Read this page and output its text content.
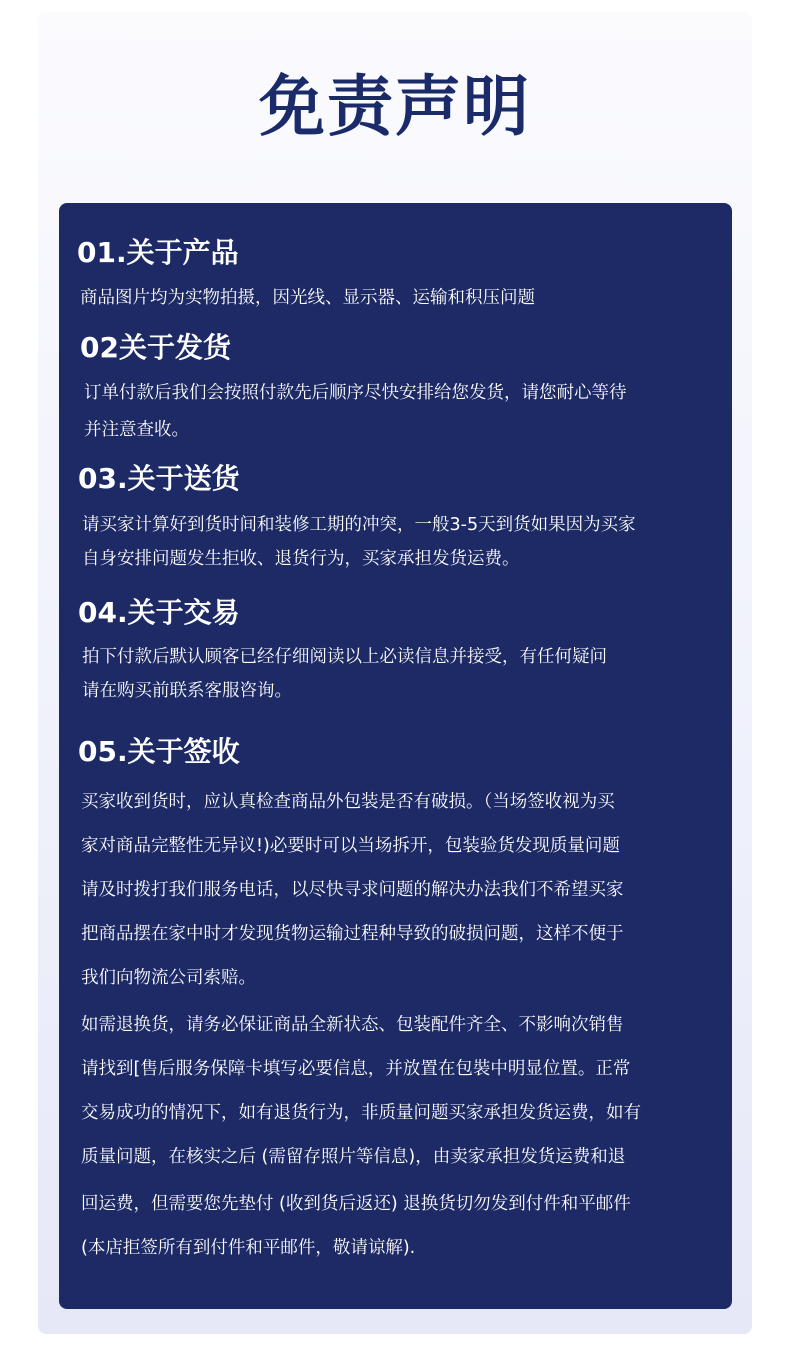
免责声明
01.关于产品
商品图片均为实物拍摄，因光线、显示器、运输和积压问题
02关于发货
订单付款后我们会按照付款先后顺序尽快安排给您发货，请您耐心等待
并注意查收。
03.关于送货
请买家计算好到货时间和装修工期的冲突，一般3-5天到货如果因为买家
自身安排问题发生拒收、退货行为，买家承担发货运费。
04.关于交易
拍下付款后默认顾客已经仔细阅读以上必读信息并接受，有任何疑问
请在购买前联系客服咨询。
05.关于签收
买家收到货时，应认真检查商品外包装是否有破损。（当场签收视为买
家对商品完整性无异议!)必要时可以当场拆开，包装验货发现质量问题
请及时拨打我们服务电话，以尽快寻求问题的解决办法我们不希望买家
把商品摆在家中时才发现货物运输过程种导致的破损问题，这样不便于
我们向物流公司索赔。
如需退换货，请务必保证商品全新状态、包装配件齐全、不影响次销售
请找到[售后服务保障卡填写必要信息，并放置在包裝中明显位置。正常
交易成功的情况下，如有退货行为，非质量问题买家承担发货运费，如有
质量问题，在核实之后 (需留存照片等信息)，由卖家承担发货运费和退
回运费，但需要您先垫付 (收到货后返还) 退换货切勿发到付件和平邮件
(本店拒签所有到付件和平邮件，敬请谅解).
